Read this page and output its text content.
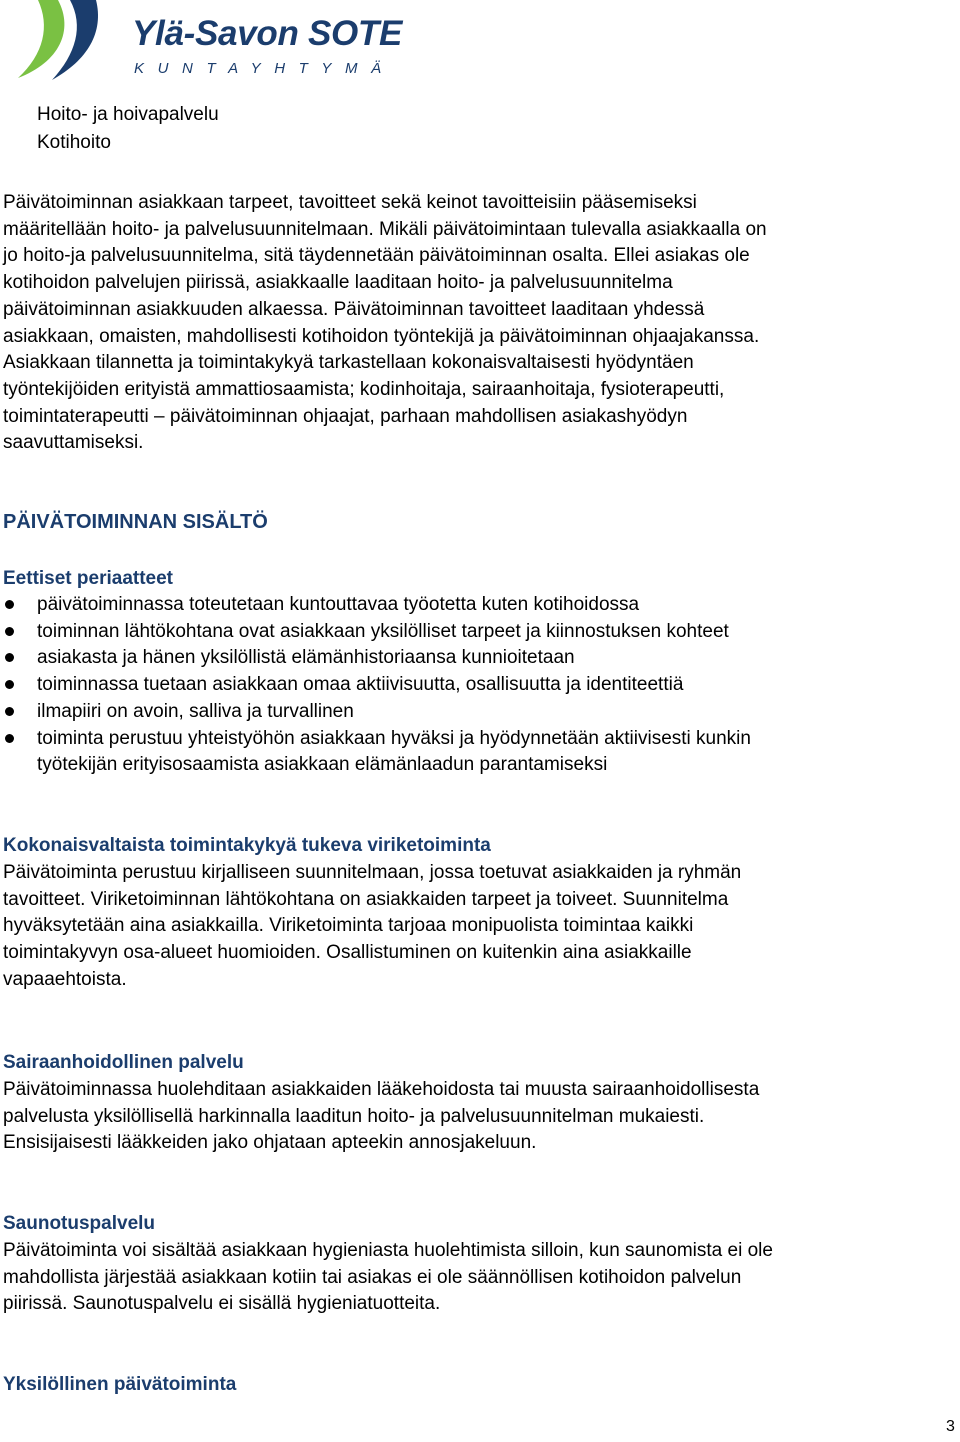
Ylä-Savon SOTE
KUNTAYHTYMÄ
Hoito- ja hoivapalvelu
Kotihoito
Päivätoiminnan asiakkaan tarpeet, tavoitteet sekä keinot tavoitteisiin pääsemiseksi
määritellään hoito- ja palvelusuunnitelmaan. Mikäli päivätoimintaan tulevalla asiakkaalla on
jo hoito-ja palvelusuunnitelma, sitä täydennetään päivätoiminnan osalta. Ellei asiakas ole
kotihoidon palvelujen piirissä, asiakkaalle laaditaan hoito- ja palvelusuunnitelma
päivätoiminnan asiakkuuden alkaessa. Päivätoiminnan tavoitteet laaditaan yhdessä
asiakkaan, omaisten, mahdollisesti kotihoidon työntekijä ja päivätoiminnan ohjaajakanssa.
Asiakkaan tilannetta ja toimintakykyä tarkastellaan kokonaisvaltaisesti hyödyntäen
työntekijöiden erityistä ammattiosaamista; kodinhoitaja, sairaanhoitaja, fysioterapeutti,
toimintaterapeutti – päivätoiminnan ohjaajat, parhaan mahdollisen asiakashyödyn
saavuttamiseksi.
PÄIVÄTOIMINNAN SISÄLTÖ
Eettiset periaatteet
päivätoiminnassa toteutetaan kuntouttavaa työotetta kuten kotihoidossa
toiminnan lähtökohtana ovat asiakkaan yksilölliset tarpeet ja kiinnostuksen kohteet
asiakasta ja hänen yksilöllistä elämänhistoriaansa kunnioitetaan
toiminnassa tuetaan asiakkaan omaa aktiivisuutta, osallisuutta ja identiteettiä
ilmapiiri on avoin, salliva ja turvallinen
toiminta perustuu yhteistyöhön asiakkaan hyväksi ja hyödynnetään aktiivisesti kunkin
työtekijän erityisosaamista asiakkaan elämänlaadun parantamiseksi
Kokonaisvaltaista toimintakykyä tukeva viriketoiminta
Päivätoiminta perustuu kirjalliseen suunnitelmaan, jossa toetuvat asiakkaiden ja ryhmän
tavoitteet. Viriketoiminnan lähtökohtana on asiakkaiden tarpeet ja toiveet. Suunnitelma
hyväksytetään aina asiakkailla. Viriketoiminta tarjoaa monipuolista toimintaa kaikki
toimintakyvyn osa-alueet huomioiden. Osallistuminen on kuitenkin aina asiakkaille
vapaaehtoista.
Sairaanhoidollinen palvelu
Päivätoiminnassa huolehditaan asiakkaiden lääkehoidosta tai muusta sairaanhoidollisesta
palvelusta yksilöllisellä harkinnalla laaditun hoito- ja palvelusuunnitelman mukaiesti.
Ensisijaisesti lääkkeiden jako ohjataan apteekin annosjakeluun.
Saunotuspalvelu
Päivätoiminta voi sisältää asiakkaan hygieniasta huolehtimista silloin, kun saunomista ei ole
mahdollista järjestää asiakkaan kotiin tai asiakas ei ole säännöllisen kotihoidon palvelun
piirissä. Saunotuspalvelu ei sisällä hygieniatuotteita.
Yksilöllinen päivätoiminta
3
